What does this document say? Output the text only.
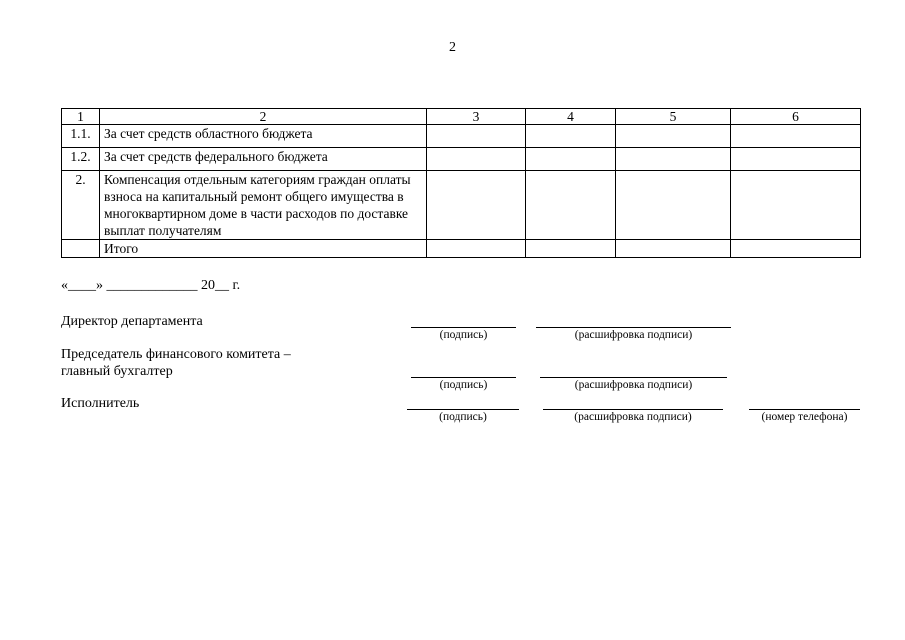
2
1	2	3	4	5	6
1.1.	За счет средств областного бюджета				
1.2.	За счет средств федерального бюджета				
2.	Компенсация отдельным категориям граждан оплаты взноса на капитальный ремонт общего имущества в многоквартирном доме в части расходов по доставке выплат получателям				
	Итого				
«____» _____________ 20__ г.
Директор департамента
(подпись)	(расшифровка подписи)
Председатель финансового комитета –
главный бухгалтер
(подпись)	(расшифровка подписи)
Исполнитель
(подпись)	(расшифровка подписи)	(номер телефона)
